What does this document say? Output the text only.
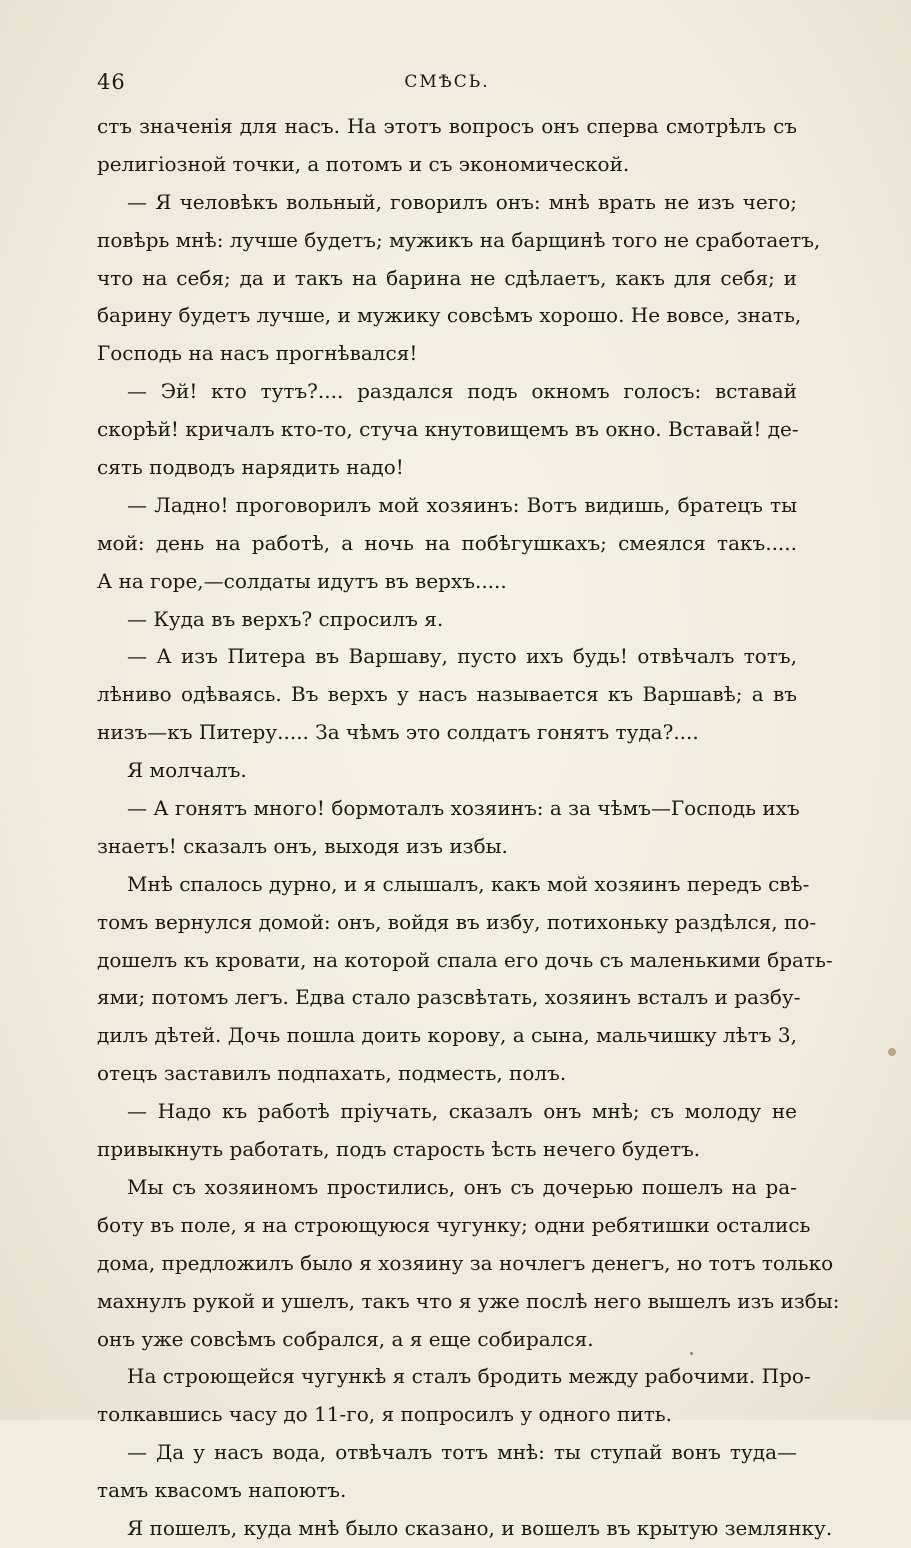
46	СМѢСЬ.
стъ значенія для насъ. На этотъ вопросъ онъ сперва смотрѣлъ съ
религіозной точки, а потомъ и съ экономической.
— Я человѣкъ вольный, говорилъ онъ: мнѣ врать не изъ чего;
повѣрь мнѣ: лучше будетъ; мужикъ на барщинѣ того не сработаетъ,
что на себя; да и такъ на барина не сдѣлаетъ, какъ для себя; и
барину будетъ лучше, и мужику совсѣмъ хорошо. Не вовсе, знать,
Господь на насъ прогнѣвался!
— Эй! кто тутъ?.... раздался подъ окномъ голосъ: вставай
скорѣй! кричалъ кто-то, стуча кнутовищемъ въ окно. Вставай! де-
сять подводъ нарядить надо!
— Ладно! проговорилъ мой хозяинъ: Вотъ видишь, братецъ ты
мой: день на работѣ, а ночь на побѣгушкахъ; смеялся такъ.....
А на горе,—солдаты идутъ въ верхъ.....
— Куда въ верхъ? спросилъ я.
— А изъ Питера въ Варшаву, пусто ихъ будь! отвѣчалъ тотъ,
лѣниво одѣваясь. Въ верхъ у насъ называется къ Варшавѣ; а въ
низъ—къ Питеру..... За чѣмъ это солдатъ гонятъ туда?....
Я молчалъ.
— А гонятъ много! бормоталъ хозяинъ: а за чѣмъ—Господь ихъ
знаетъ! сказалъ онъ, выходя изъ избы.
Мнѣ спалось дурно, и я слышалъ, какъ мой хозяинъ передъ свѣ-
томъ вернулся домой: онъ, войдя въ избу, потихоньку раздѣлся, по-
дошелъ къ кровати, на которой спала его дочь съ маленькими брать-
ями; потомъ легъ. Едва стало разсвѣтать, хозяинъ всталъ и разбу-
дилъ дѣтей. Дочь пошла доить корову, а сына, мальчишку лѣтъ 3,
отецъ заставилъ подпахать, подместь, полъ.
— Надо къ работѣ пріучать, сказалъ онъ мнѣ; съ молоду не
привыкнуть работать, подъ старость ѣсть нечего будетъ.
Мы съ хозяиномъ простились, онъ съ дочерью пошелъ на ра-
боту въ поле, я на строющуюся чугунку; одни ребятишки остались
дома, предложилъ было я хозяину за ночлегъ денегъ, но тотъ только
махнулъ рукой и ушелъ, такъ что я уже послѣ него вышелъ изъ избы:
онъ уже совсѣмъ собрался, а я еще собирался.
На строющейся чугункѣ я сталъ бродить между рабочими. Про-
толкавшись часу до 11-го, я попросилъ у одного пить.
— Да у насъ вода, отвѣчалъ тотъ мнѣ: ты ступай вонъ туда—
тамъ квасомъ напоютъ.
Я пошелъ, куда мнѣ было сказано, и вошелъ въ крытую землянку.
